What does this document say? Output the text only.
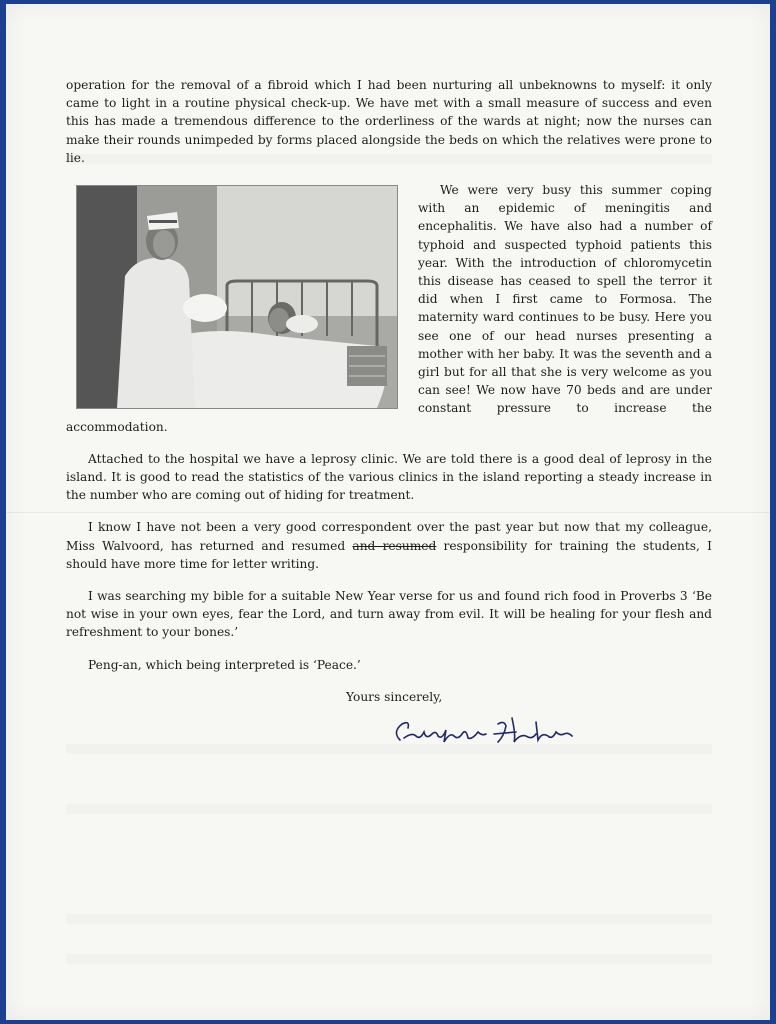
operation for the removal of a fibroid which I had been nurturing all unbeknowns to myself: it only came to light in a routine physical check-up. We have met with a small measure of success and even this has made a tremendous difference to the orderliness of the wards at night; now the nurses can make their rounds unimpeded by forms placed alongside the beds on which the relatives were prone to lie.

We were very busy this summer coping with an epidemic of meningitis and encephalitis. We have also had a number of typhoid and suspected typhoid patients this year. With the introduction of chloromycetin this disease has ceased to spell the terror it did when I first came to Formosa. The maternity ward continues to be busy. Here you see one of our head nurses presenting a mother with her baby. It was the seventh and a girl but for all that she is very welcome as you can see! We now have 70 beds and are under constant pressure to increase the accommodation.

Attached to the hospital we have a leprosy clinic. We are told there is a good deal of leprosy in the island. It is good to read the statistics of the various clinics in the island reporting a steady increase in the number who are coming out of hiding for treatment.

I know I have not been a very good correspondent over the past year but now that my colleague, Miss Walvoord, has returned and resumed and resumed responsibility for training the students, I should have more time for letter writing.

I was searching my bible for a suitable New Year verse for us and found rich food in Proverbs 3 ‘Be not wise in your own eyes, fear the Lord, and turn away from evil. It will be healing for your flesh and refreshment to your bones.’

Peng-an, which being interpreted is ‘Peace.’

Yours sincerely,
